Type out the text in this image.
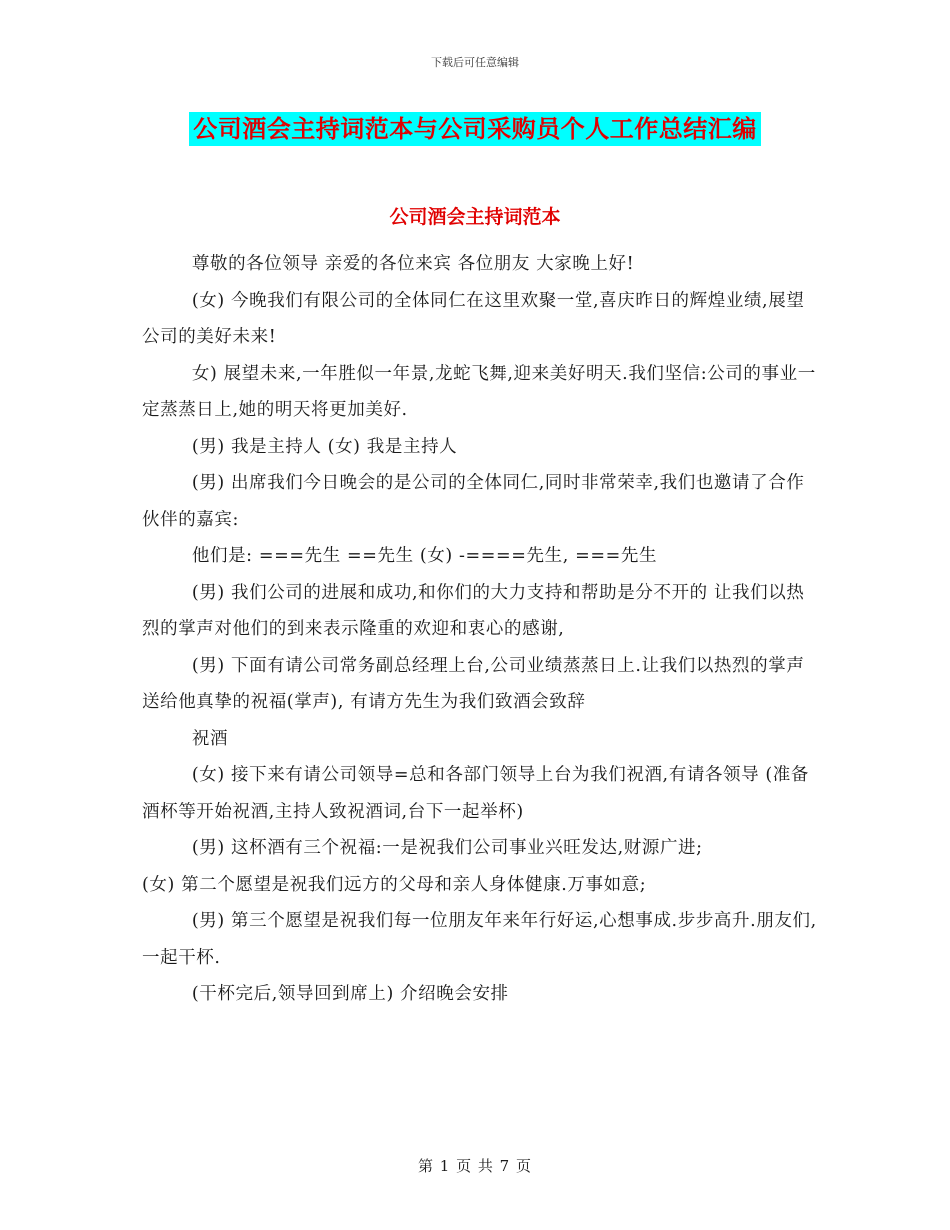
下载后可任意编辑
公司酒会主持词范本与公司采购员个人工作总结汇编
公司酒会主持词范本

尊敬的各位领导 亲爱的各位来宾 各位朋友 大家晚上好!

(女) 今晚我们有限公司的全体同仁在这里欢聚一堂,喜庆昨日的辉煌业绩,展望 公司的美好未来!

女) 展望未来,一年胜似一年景,龙蛇飞舞,迎来美好明天.我们坚信:公司的事业一定蒸蒸日上,她的明天将更加美好.

(男) 我是主持人 (女) 我是主持人

(男) 出席我们今日晚会的是公司的全体同仁,同时非常荣幸,我们也邀请了合作伙伴的嘉宾:

他们是: ===先生 ==先生 (女) -====先生, ===先生

(男) 我们公司的进展和成功,和你们的大力支持和帮助是分不开的 让我们以热烈的掌声对他们的到来表示隆重的欢迎和衷心的感谢,

(男) 下面有请公司常务副总经理上台,公司业绩蒸蒸日上.让我们以热烈的掌声送给他真挚的祝福(掌声), 有请方先生为我们致酒会致辞

祝酒

(女) 接下来有请公司领导=总和各部门领导上台为我们祝酒,有请各领导 (准备酒杯等开始祝酒,主持人致祝酒词,台下一起举杯)

(男) 这杯酒有三个祝福:一是祝我们公司事业兴旺发达,财源广进;

(女) 第二个愿望是祝我们远方的父母和亲人身体健康.万事如意;

(男) 第三个愿望是祝我们每一位朋友年来年行好运,心想事成.步步高升.朋友们,一起干杯.

(干杯完后,领导回到席上) 介绍晚会安排

第 1 页 共 7 页
